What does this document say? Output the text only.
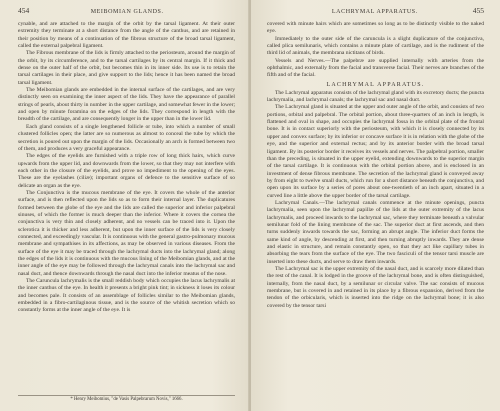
454	MEIBOMIAN GLANDS.

cynable, and are attached to the margin of the orbit by the tarsal ligament. At their outer extremity they terminate at a short distance from the angle of the canthus, and are retained in their position by means of a continuation of the fibrous structure of the broad tarsal ligament, called the external palpebral ligament.

The Fibrous membrane of the lids is firmly attached to the periosteum, around the margin of the orbit, by its circumference, and to the tarsal cartilages by its central margin. If it thick and dense on the outer half of the orbit, but becomes thin in its inner side. Its use is to retain the tarsal cartilages in their place, and give support to the lids; hence it has been named the broad tarsal ligament.

The Meibomian glands are embedded in the internal surface of the cartilages, and are very distinctly seen on examining the inner aspect of the lids. They have the appearance of parallel strings of pearls, about thirty in number in the upper cartilage, and somewhat fewer in the lower; and open by minute foramina on the edges of the lids. They correspond in length with the breadth of the cartilage, and are consequently longer in the upper than in the lower lid.

Each gland consists of a single lengthened follicle or tube, into which a number of small clustered follicles open; the latter are so numerous as almost to conceal the tube by which the secretion is poured out upon the margin of the lids. Occasionally an arch is formed between two of them, and produces a very graceful appearance.

The edges of the eyelids are furnished with a triple row of long thick hairs, which curve upwards from the upper lid, and downwards from the lower, so that they may not interfere with each other in the closure of the eyelids, and prove no impediment to the opening of the eyes. These are the eyelashes (ciliæ); important organs of defence to the sensitive surface of so delicate an organ as the eye.

The Conjunctiva is the mucous membrane of the eye. It covers the whole of the anterior surface, and is then reflected upon the lids so as to form their internal layer. The duplicatures formed between the globe of the eye and the lids are called the superior and inferior palpebral sinuses, of which the former is much deeper than the inferior. Where it covers the cornea the conjunctiva is very thin and closely adherent, and no vessels can be traced into it. Upon the sclerotica it is thicker and less adherent, but upon the inner surface of the lids is very closely connected, and exceedingly vascular. It is continuous with the general gastro-pulmonary mucous membrane and sympathises in its affections, as may be observed in various diseases. From the surface of the eye it may be traced through the lachrymal ducts into the lachrymal gland; along the edges of the lids it is continuous with the mucous lining of the Meibomian glands, and at the inner angle of the eye may be followed through the lachrymal canals into the lachrymal sac and nasal duct, and thence downwards through the nasal duct into the inferior meatus of the nose.

The Caruncula lachrymalis is the small reddish body which occupies the lacus lachrymalis at the inner canthus of the eye. In health it presents a bright pink tint; in sickness it loses its colour and becomes pale. It consists of an assemblage of follicles similar to the Meibomian glands, embedded in a fibro-cartilaginous tissue, and is the source of the whitish secretion which so constantly forms at the inner angle of the eye. It is

* Henry Meibomius, "de Vasis Palpebrarum Novis," 1666.
LACHRYMAL APPARATUS.	455

covered with minute hairs which are sometimes so long as to be distinctly visible to the naked eye.

Immediately to the outer side of the caruncula is a slight duplicature of the conjunctiva, called plica semilunaris, which contains a minute plate of cartilage, and is the rudiment of the third lid of animals, the membrana nictitans of birds.

Vessels and Nerves.—The palpebræ are supplied internally with arteries from the ophthalmic, and externally from the facial and transverse facial. Their nerves are branches of the fifth and of the facial.

LACHRYMAL APPARATUS.

The Lachrymal apparatus consists of the lachrymal gland with its excretory ducts; the puncta lachrymalia, and lachrymal canals; the lachrymal sac and nasal duct.

The Lachrymal gland is situated at the upper and outer angle of the orbit, and consists of two portions, orbital and palpebral. The orbital portion, about three-quarters of an inch in length, is flattened and oval in shape, and occupies the lachrymal fossa in the orbital plate of the frontal bone. It is in contact superiorly with the periosteum, with which it is closely connected by its upper and convex surface; by its inferior or concave surface it is in relation with the globe of the eye, and the superior and external rectus; and by its anterior border with the broad tarsal ligament. By its posterior border it receives its vessels and nerves. The palpebral portion, smaller than the preceding, is situated in the upper eyelid, extending downwards to the superior margin of the tarsal cartilage. It is continuous with the orbital portion above, and is enclosed in an investment of dense fibrous membrane. The secretion of the lachrymal gland is conveyed away by from eight to twelve small ducts, which run for a short distance beneath the conjunctiva, and open upon its surface by a series of pores about one-twentieth of an inch apart, situated in a curved line a little above the upper border of the tarsal cartilage.

Lachrymal Canals.—The lachrymal canals commence at the minute openings, puncta lachrymalia, seen upon the lachrymal papillæ of the lids at the outer extremity of the lacus lachrymalis, and proceed inwards to the lachrymal sac, where they terminate beneath a valvular semilunar fold of the lining membrane of the sac. The superior duct at first ascends, and then turns suddenly inwards towards the sac, forming an abrupt angle. The inferior duct forms the same kind of angle, by descending at first, and then turning abruptly inwards. They are dense and elastic in structure, and remain constantly open, so that they act like capillary tubes in absorbing the tears from the surface of the eye. The two fasciculi of the tensor tarsi muscle are inserted into these ducts, and serve to draw them inwards.

The Lachrymal sac is the upper extremity of the nasal duct, and is scarcely more dilated than the rest of the canal. It is lodged in the groove of the lachrymal bone, and is often distinguished, internally, from the nasal duct, by a semilunar or circular valve. The sac consists of mucous membrane, but is covered in and retained in its place by a fibrous expansion, derived from the tendon of the orbicularis, which is inserted into the ridge on the lachrymal bone; it is also covered by the tensor tarsi
